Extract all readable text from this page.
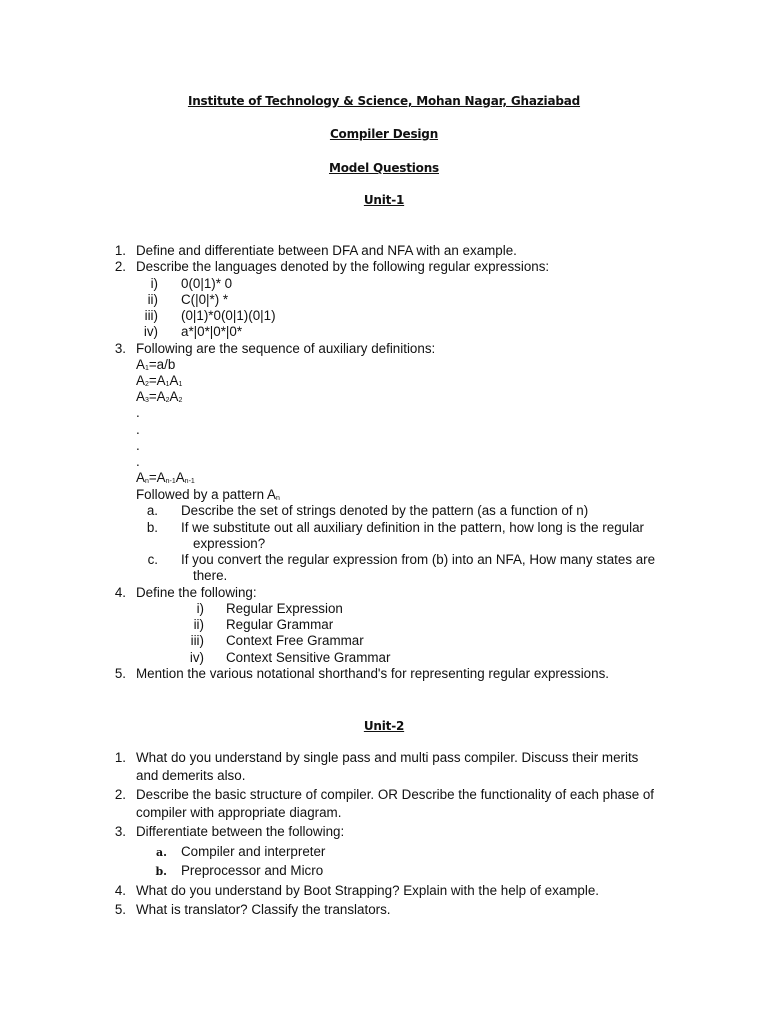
Institute of Technology & Science, Mohan Nagar, Ghaziabad
Compiler Design
Model Questions
Unit-1
1. Define and differentiate between DFA and NFA with an example.
2. Describe the languages denoted by the following regular expressions:
i) 0(0|1)* 0
ii) C(|0|*) *
iii) (0|1)*0(0|1)(0|1)
iv) a*|0*|0*|0*
3. Following are the sequence of auxiliary definitions:
$A_1=a/b$
$A_2=A_1A_1$
$A_3=A_2A_2$
.
.
.
.
$A_n=A_{n-1}A_{n-1}$
Followed by a pattern $A_n$
a. Describe the set of strings denoted by the pattern (as a function of n)
b. If we substitute out all auxiliary definition in the pattern, how long is the regular
expression?
c. If you convert the regular expression from (b) into an NFA, How many states are
there.
4. Define the following:
i) Regular Expression
ii) Regular Grammar
iii) Context Free Grammar
iv) Context Sensitive Grammar
5. Mention the various notational shorthand's for representing regular expressions.
Unit-2
1. What do you understand by single pass and multi pass compiler. Discuss their merits
and demerits also.
2. Describe the basic structure of compiler. OR Describe the functionality of each phase of
compiler with appropriate diagram.
3. Differentiate between the following:
a. Compiler and interpreter
b. Preprocessor and Micro
4. What do you understand by Boot Strapping? Explain with the help of example.
5. What is translator? Classify the translators.
